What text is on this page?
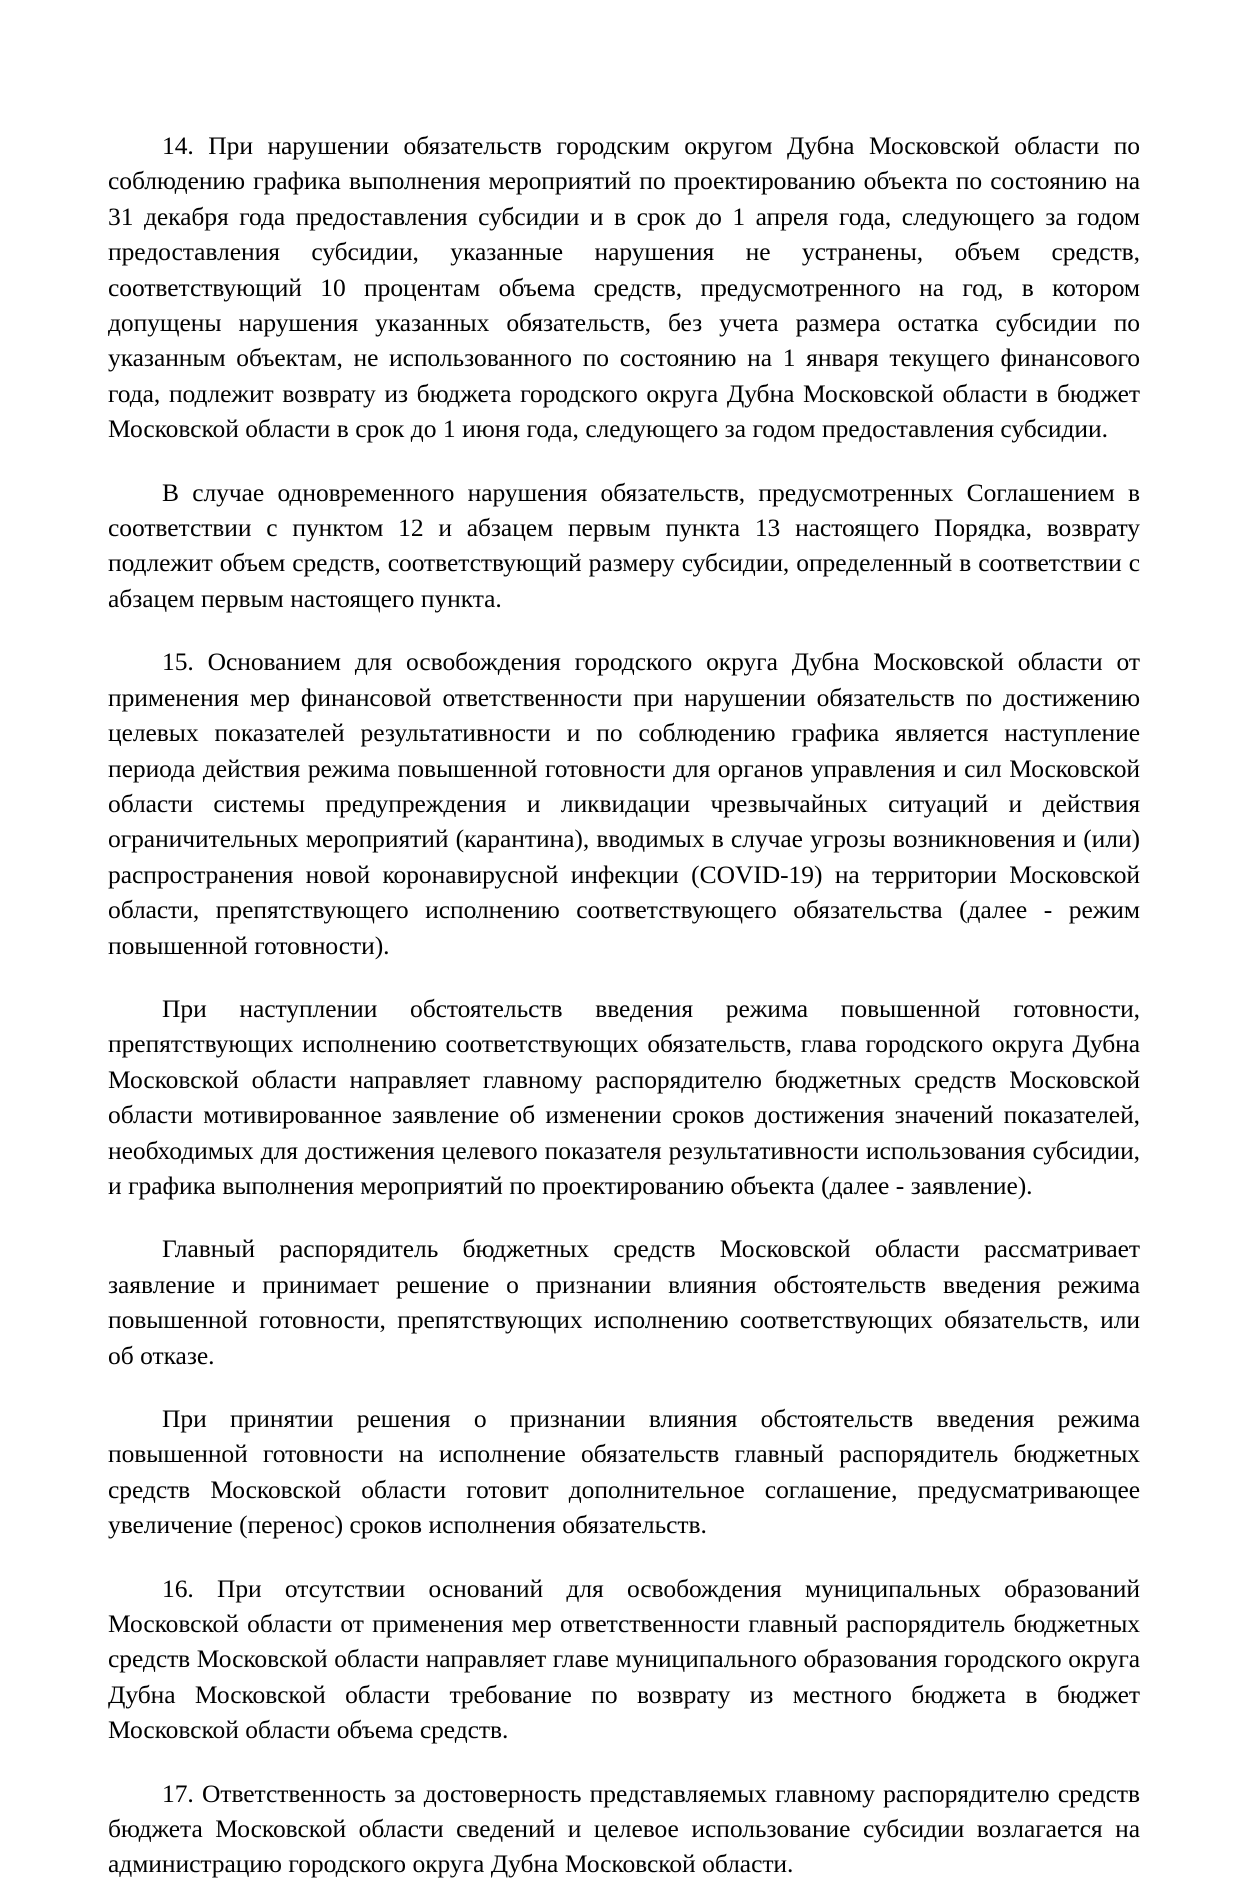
14. При нарушении обязательств городским округом Дубна Московской области по соблюдению графика выполнения мероприятий по проектированию объекта по состоянию на 31 декабря года предоставления субсидии и в срок до 1 апреля года, следующего за годом предоставления субсидии, указанные нарушения не устранены, объем средств, соответствующий 10 процентам объема средств, предусмотренного на год, в котором допущены нарушения указанных обязательств, без учета размера остатка субсидии по указанным объектам, не использованного по состоянию на 1 января текущего финансового года, подлежит возврату из бюджета городского округа Дубна Московской области в бюджет Московской области в срок до 1 июня года, следующего за годом предоставления субсидии.

В случае одновременного нарушения обязательств, предусмотренных Соглашением в соответствии с пунктом 12 и абзацем первым пункта 13 настоящего Порядка, возврату подлежит объем средств, соответствующий размеру субсидии, определенный в соответствии с абзацем первым настоящего пункта.

15. Основанием для освобождения городского округа Дубна Московской области от применения мер финансовой ответственности при нарушении обязательств по достижению целевых показателей результативности и по соблюдению графика является наступление периода действия режима повышенной готовности для органов управления и сил Московской области системы предупреждения и ликвидации чрезвычайных ситуаций и действия ограничительных мероприятий (карантина), вводимых в случае угрозы возникновения и (или) распространения новой коронавирусной инфекции (COVID-19) на территории Московской области, препятствующего исполнению соответствующего обязательства (далее - режим повышенной готовности).

При наступлении обстоятельств введения режима повышенной готовности, препятствующих исполнению соответствующих обязательств, глава городского округа Дубна Московской области направляет главному распорядителю бюджетных средств Московской области мотивированное заявление об изменении сроков достижения значений показателей, необходимых для достижения целевого показателя результативности использования субсидии, и графика выполнения мероприятий по проектированию объекта (далее - заявление).

Главный распорядитель бюджетных средств Московской области рассматривает заявление и принимает решение о признании влияния обстоятельств введения режима повышенной готовности, препятствующих исполнению соответствующих обязательств, или об отказе.

При принятии решения о признании влияния обстоятельств введения режима повышенной готовности на исполнение обязательств главный распорядитель бюджетных средств Московской области готовит дополнительное соглашение, предусматривающее увеличение (перенос) сроков исполнения обязательств.

16. При отсутствии оснований для освобождения муниципальных образований Московской области от применения мер ответственности главный распорядитель бюджетных средств Московской области направляет главе муниципального образования городского округа Дубна Московской области требование по возврату из местного бюджета в бюджет Московской области объема средств.

17. Ответственность за достоверность представляемых главному распорядителю средств бюджета Московской области сведений и целевое использование субсидии возлагается на администрацию городского округа Дубна Московской области.
